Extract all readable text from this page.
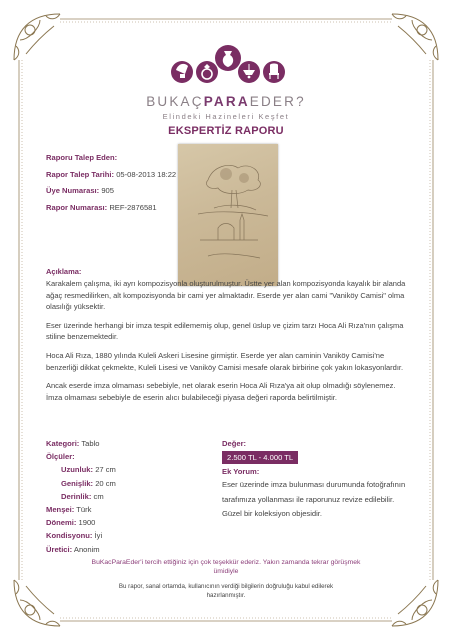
BUKAÇPARAEDER?
Elindeki Hazineleri Keşfet
EKSPERTİZ RAPORU
Raporu Talep Eden:
Rapor Talep Tarihi: 05-08-2013 18:22
Üye Numarası: 905
Rapor Numarası: REF-2876581

Açıklama:

Karakalem çalışma, iki ayrı kompozisyonla oluşturulmuştur. Üstte yer alan kompozisyonda kayalık bir alanda ağaç resmedilirken, alt kompozisyonda bir cami yer almaktadır. Eserde yer alan cami "Vaniköy Camisi" olma olasılığı yüksektir.

Eser üzerinde herhangi bir imza tespit edilememiş olup, genel üslup ve çizim tarzı Hoca Ali Rıza'nın çalışma stiline benzemektedir.

Hoca Ali Rıza, 1880 yılında Kuleli Askeri Lisesine girmiştir. Eserde yer alan caminin Vaniköy Camisi'ne benzerliği dikkat çekmekte, Kuleli Lisesi ve Vaniköy Camisi mesafe olarak birbirine çok yakın lokasyonlardır.

Ancak eserde imza olmaması sebebiyle, net olarak eserin Hoca Ali Rıza'ya ait olup olmadığı söylenemez. İmza olmaması sebebiyle de eserin alıcı bulabileceği piyasa değeri raporda belirtilmiştir.

Kategori: Tablo
Ölçüler:
Uzunluk: 27 cm
Genişlik: 20 cm
Derinlik: cm
Menşei: Türk
Dönemi: 1900
Kondisyonu: İyi
Üretici: Anonim
Değer:
2.500 TL - 4.000 TL
Ek Yorum:
Eser üzerinde imza bulunması durumunda fotoğrafının tarafımıza yollanması ile raporunuz revize edilebilir. Güzel bir koleksiyon objesidir.
BuKacParaEder'i tercih ettiğiniz için çok teşekkür ederiz. Yakın zamanda tekrar görüşmek ümidiyle
Bu rapor, sanal ortamda, kullanıcının verdiği bilgilerin doğruluğu kabul edilerek hazırlanmıştır.
